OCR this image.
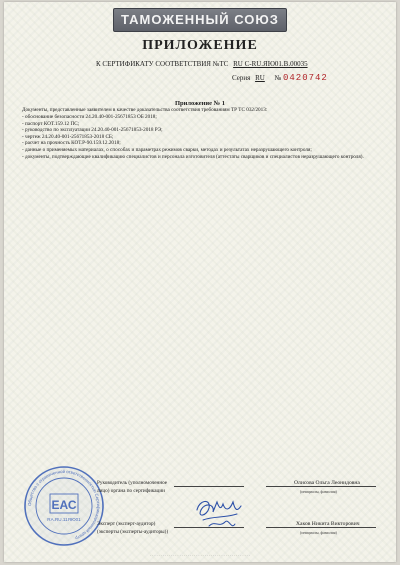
ТАМОЖЕННЫЙ СОЮЗ
ПРИЛОЖЕНИЕ
К СЕРТИФИКАТУ СООТВЕТСТВИЯ №ТС RU C-RU.ЯЮ01.В.00035
Серия RU № 0420742
Приложение № 1
Документы, представленные заявителем в качестве доказательства соответствия требованиям ТР ТС 032/2013:
- обоснование безопасности 24.20.40-001-25671853 ОБ 2018;
- паспорт КОТ.159.12 ПС;
- руководство по эксплуатации 24.20.40-001-25671853-2018 РЭ;
- чертеж 24.20.40-001-25671853-2018 СБ;
- расчет на прочность КОТ.Р-90.159.12.2018;
- данные о применяемых материалах, о способах и параметрах режимов сварки, методах и результатах неразрушающего контроля;
- документы, подтверждающие квалификацию специалистов и персонала изготовителя (аттестаты сварщиков и специалистов неразрушающего контроля).
Общество с ограниченной ответственностью Сертификационный центр
ЕАС
RA.RU.11ЯЮ01
Руководитель (уполномоченное
лицо) органа по сертификации
Олисова Ольга Леонидовна
(инициалы, фамилия)
Эксперт (эксперт-аудитор)
(эксперты (эксперты-аудиторы))
Хаков Никита Викторович
(инициалы, фамилия)
· · · · · · · · · · · · · · · · · · · · · · · · · · · · · · · · · · · · · · · · · · · · · · · ·
